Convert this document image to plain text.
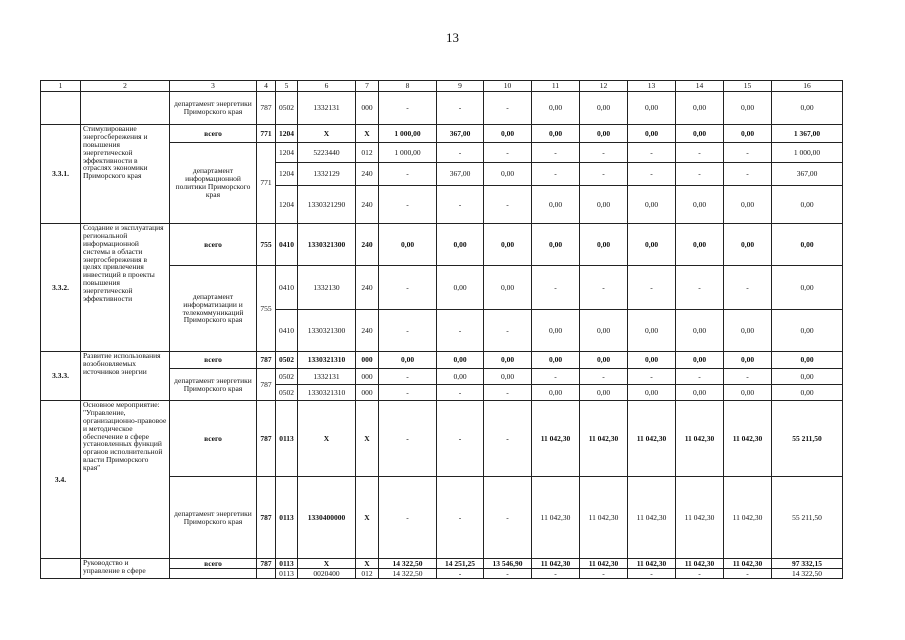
13
1	2	3	4	5	6	7	8	9	10	11	12	13	14	15	16
		департамент энергетики Приморского края	787	0502	1332131	000	-	-	-	0,00	0,00	0,00	0,00	0,00	0,00
3.3.1.	Стимулирование энергосбережения и повышения энергетической эффективности в отраслях экономики Приморского края	всего	771	1204	X	X	1 000,00	367,00	0,00	0,00	0,00	0,00	0,00	0,00	1 367,00
		департамент информационной политики Приморского края	771	1204	5223440	012	1 000,00	-	-	-	-	-	-	-	1 000,00
				1204	1332129	240	-	367,00	0,00	-	-	-	-	-	367,00
				1204	1330321290	240	-	-	-	0,00	0,00	0,00	0,00	0,00	0,00
3.3.2.	Создание и эксплуатация региональной информационной системы в области энергосбережения в целях привлечения инвестиций в проекты повышения энергетической эффективности	всего	755	0410	1330321300	240	0,00	0,00	0,00	0,00	0,00	0,00	0,00	0,00	0,00
		департамент информатизации и телекоммуникаций Приморского края	755	0410	1332130	240	-	0,00	0,00	-	-	-	-	-	0,00
				0410	1330321300	240	-	-	-	0,00	0,00	0,00	0,00	0,00	0,00
3.3.3.	Развитие использования возобновляемых источников энергии	всего	787	0502	1330321310	000	0,00	0,00	0,00	0,00	0,00	0,00	0,00	0,00	0,00
		департамент энергетики Приморского края	787	0502	1332131	000	-	0,00	0,00	-	-	-	-	-	0,00
				0502	1330321310	000	-	-	-	0,00	0,00	0,00	0,00	0,00	0,00
3.4.	Основное мероприятие: "Управление, организационно-правовое и методическое обеспечение в сфере установленных функций органов исполнительной власти Приморского края"	всего	787	0113	X	X	-	-	-	11 042,30	11 042,30	11 042,30	11 042,30	11 042,30	55 211,50
		департамент энергетики Приморского края	787	0113	1330400000	X	-	-	-	11 042,30	11 042,30	11 042,30	11 042,30	11 042,30	55 211,50
	Руководство и управление в сфере	всего	787	0113	X	X	14 322,50	14 251,25	13 546,90	11 042,30	11 042,30	11 042,30	11 042,30	11 042,30	97 332,15
				0113	0020400	012	14 322,50	-	-	-	-	-	-	-	14 322,50
